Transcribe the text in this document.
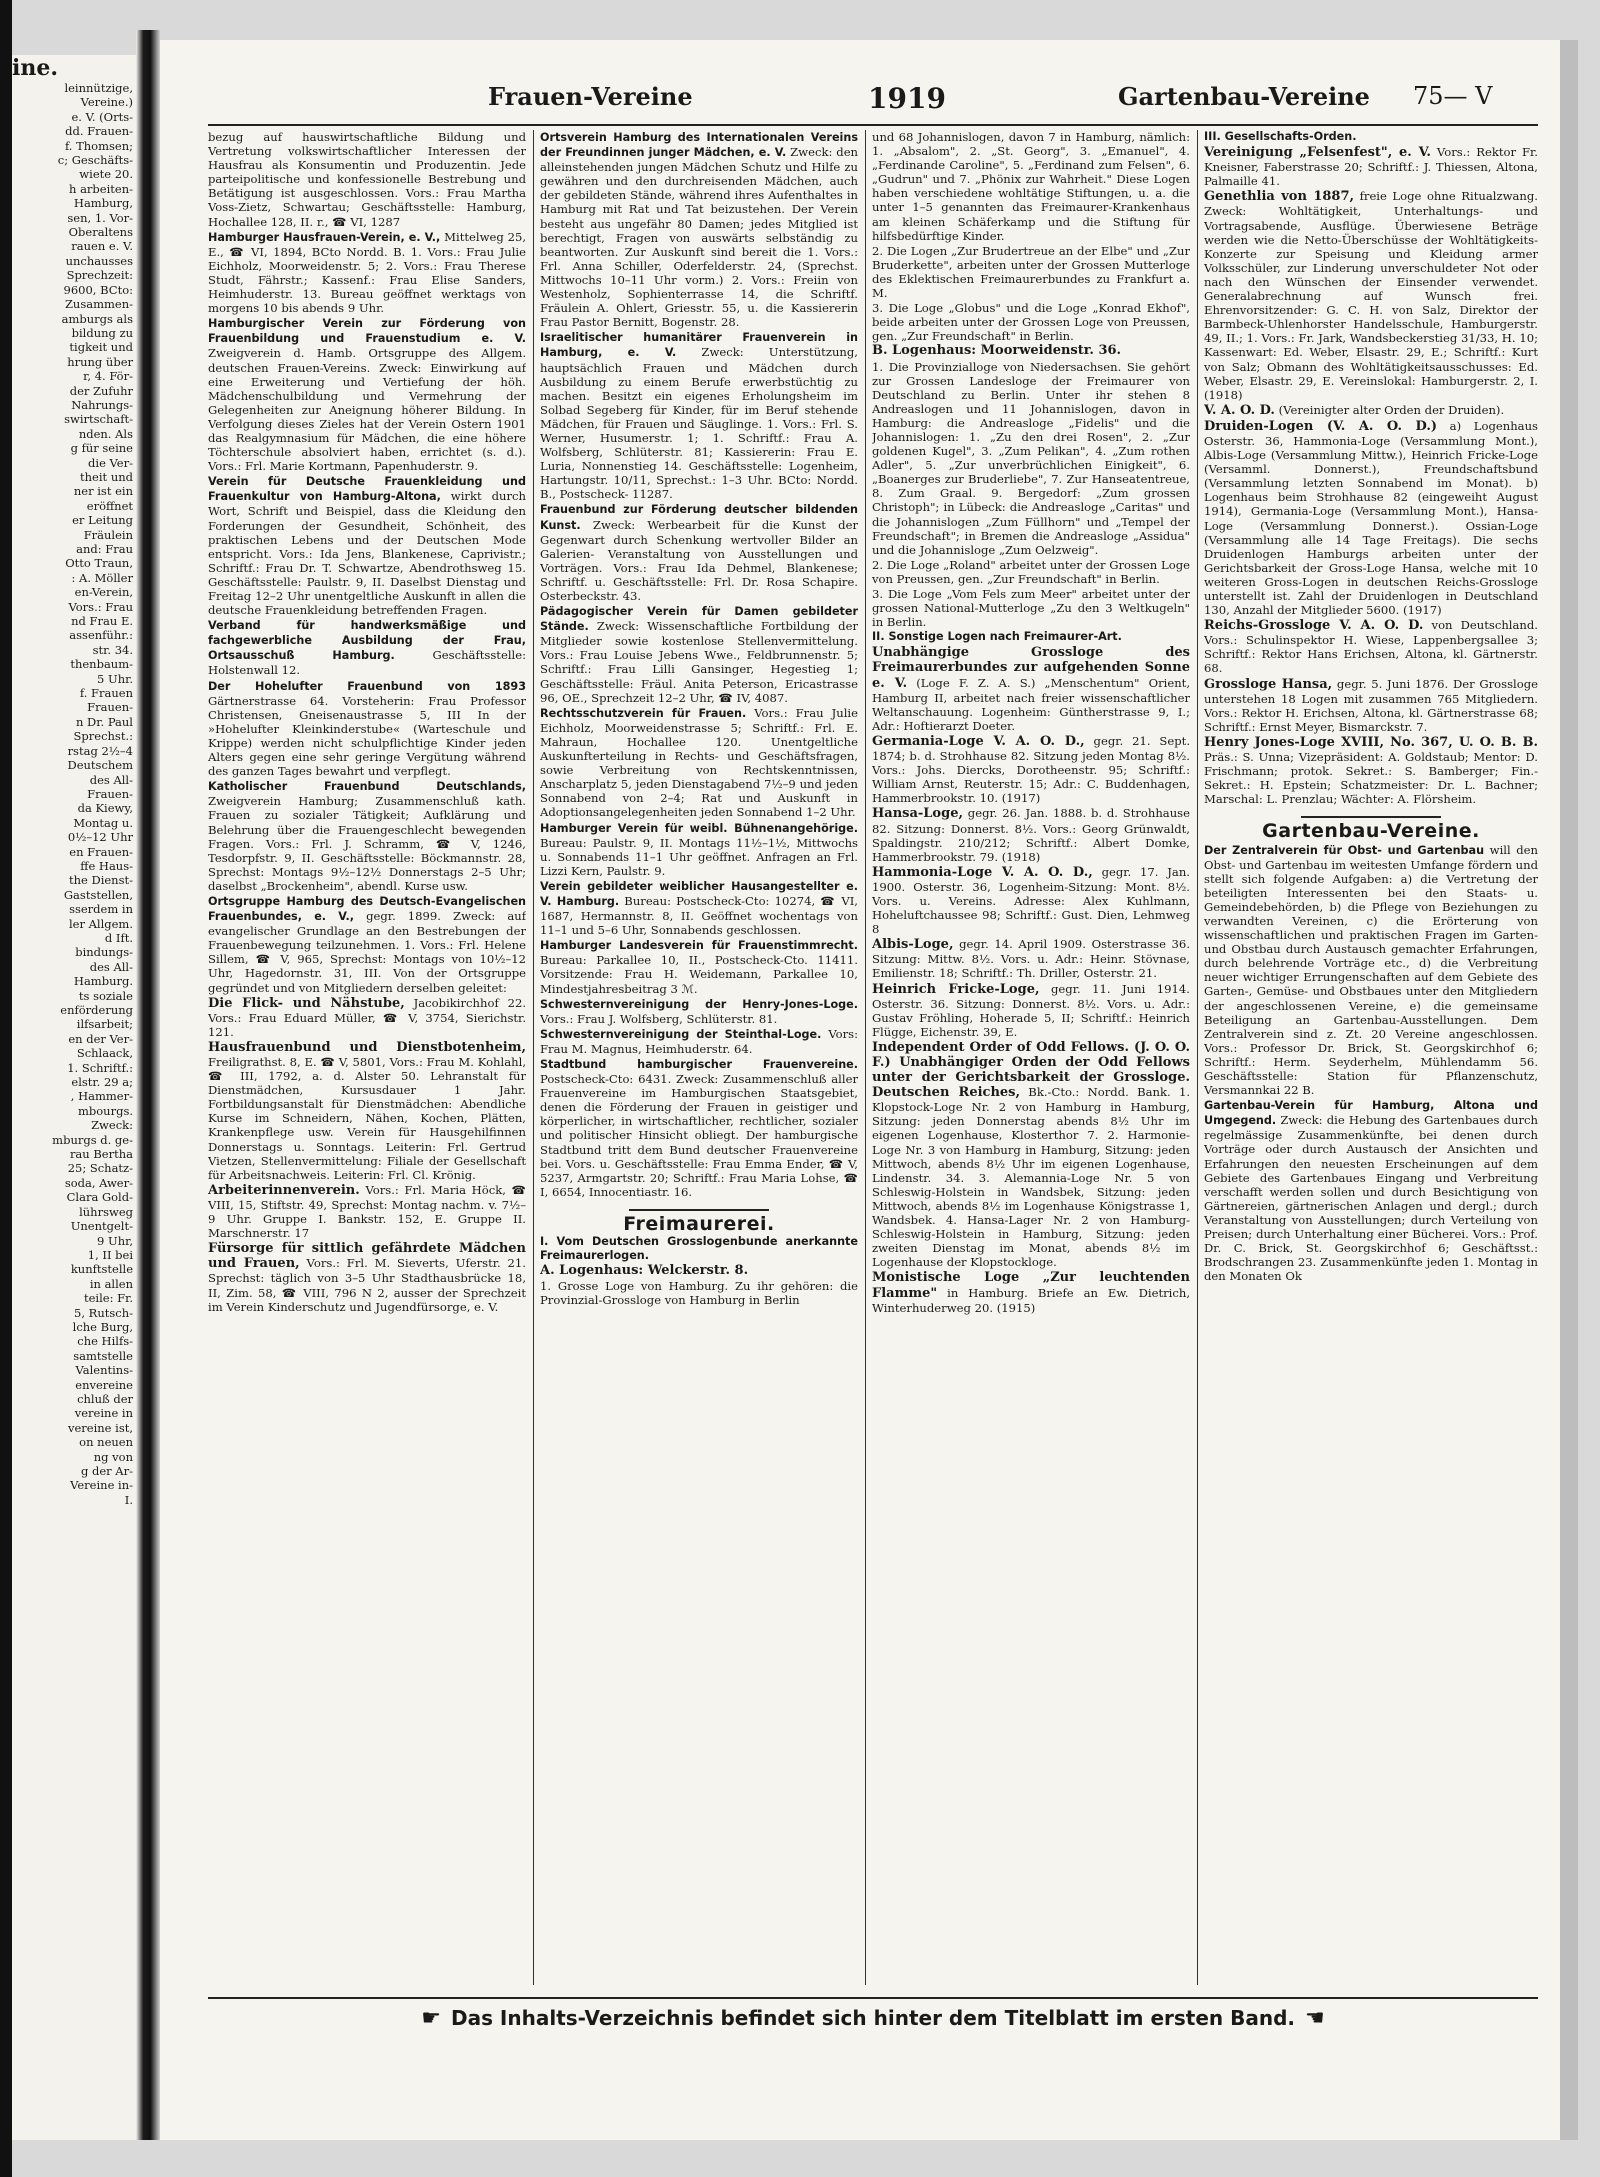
ine.
leinnützige,
Vereine.)
e. V. (Orts-
dd. Frauen-
f. Thomsen;
c; Geschäfts-
wiete 20.
h arbeiten-
Hamburg,
sen, 1. Vor-
Oberaltens
rauen e. V.
unchausses
Sprechzeit:
9600, BCto:
Zusammen-
amburgs als
bildung zu
tigkeit und
hrung über
r, 4. För-
der Zufuhr
Nahrungs-
swirtschaft-
nden. Als
g für seine
die Ver-
theit und
ner ist ein
eröffnet
er Leitung
Fräulein
and: Frau
Otto Traun,
: A. Möller
en-Verein,
Vors.: Frau
nd Frau E.
assenführ.:
str. 34.
thenbaum-
5 Uhr.
f. Frauen
Frauen-
n Dr. Paul
Sprechst.:
rstag 2½–4
Deutschem
des All-
Frauen-
da Kiewy,
Montag u.
0½–12 Uhr
en Frauen-
ffe Haus-
the Dienst-
Gaststellen,
sserdem in
ler Allgem.
d Ift.
bindungs-
des All-
Hamburg.
ts soziale
enförderung
ilfsarbeit;
en der Ver-
Schlaack,
1. Schriftf.:
elstr. 29 a;
, Hammer-
mbourgs.
Zweck:
mburgs d. ge-
rau Bertha
25; Schatz-
soda, Awer-
Clara Gold-
lührsweg
Unentgelt-
9 Uhr,
1, II bei
kunftstelle
in allen
teile: Fr.
5, Rutsch-
lche Burg,
che Hilfs-
samtstelle
Valentins-
envereine
chluß der
vereine in
vereine ist,
on neuen
ng von
g der Ar-
Vereine in-
I.
Frauen-Vereine	1919	Gartenbau-Vereine 75— V
bezug auf hauswirtschaftliche Bildung und Vertretung volkswirtschaftlicher Interessen der Hausfrau als Konsumentin und Produzentin. Jede parteipolitische und konfessionelle Bestrebung und Betätigung ist ausgeschlossen. Vors.: Frau Martha Voss-Zietz, Schwartau; Geschäftsstelle: Hamburg, Hochallee 128, II. r., ☎ VI, 1287
Hamburger Hausfrauen-Verein, e. V., Mittelweg 25, E., ☎ VI, 1894, BCto Nordd. B. 1. Vors.: Frau Julie Eichholz, Moorweidenstr. 5; 2. Vors.: Frau Therese Studt, Fährstr.; Kassenf.: Frau Elise Sanders, Heimhuderstr. 13. Bureau geöffnet werktags von morgens 10 bis abends 9 Uhr.
Hamburgischer Verein zur Förderung von Frauenbildung und Frauenstudium e. V. Zweigverein d. Hamb. Ortsgruppe des Allgem. deutschen Frauen-Vereins. Zweck: Einwirkung auf eine Erweiterung und Vertiefung der höh. Mädchenschulbildung und Vermehrung der Gelegenheiten zur Aneignung höherer Bildung. In Verfolgung dieses Zieles hat der Verein Ostern 1901 das Realgymnasium für Mädchen, die eine höhere Töchterschule absolviert haben, errichtet (s. d.). Vors.: Frl. Marie Kortmann, Papenhuderstr. 9.
Verein für Deutsche Frauenkleidung und Frauenkultur von Hamburg-Altona, wirkt durch Wort, Schrift und Beispiel, dass die Kleidung den Forderungen der Gesundheit, Schönheit, des praktischen Lebens und der Deutschen Mode entspricht. Vors.: Ida Jens, Blankenese, Caprivistr.; Schriftf.: Frau Dr. T. Schwartze, Abendrothsweg 15. Geschäftsstelle: Paulstr. 9, II. Daselbst Dienstag und Freitag 12–2 Uhr unentgeltliche Auskunft in allen die deutsche Frauenkleidung betreffenden Fragen.
Verband für handwerksmäßige und fachgewerbliche Ausbildung der Frau, Ortsausschuß Hamburg.	Geschäftsstelle: Holstenwall 12.
Der Hohelufter Frauenbund von 1893 Gärtnerstrasse 64. Vorsteherin: Frau Professor Christensen, Gneisenaustrasse 5, III In der »Hohelufter Kleinkinderstube« (Warteschule und Krippe) werden nicht schulpflichtige Kinder jeden Alters gegen eine sehr geringe Vergütung während des ganzen Tages bewahrt und verpflegt.
Katholischer Frauenbund Deutschlands, Zweigverein Hamburg; Zusammenschluß kath. Frauen zu sozialer Tätigkeit; Aufklärung und Belehrung über die Frauengeschlecht bewegenden Fragen. Vors.: Frl. J. Schramm, ☎ V, 1246, Tesdorpfstr. 9, II. Geschäftsstelle: Böckmannstr. 28, Sprechst: Montags 9½–12½ Donnerstags 2–5 Uhr; daselbst „Brockenheim", abendl. Kurse usw.
Ortsgruppe Hamburg des Deutsch-Evangelischen Frauenbundes, e. V., gegr. 1899. Zweck: auf evangelischer Grundlage an den Bestrebungen der Frauenbewegung teilzunehmen. 1. Vors.: Frl. Helene Sillem, ☎ V, 965, Sprechst: Montags von 10½–12 Uhr, Hagedornstr. 31, III. Von der Ortsgruppe gegründet und von Mitgliedern derselben geleitet:
Die Flick- und Nähstube, Jacobikirchhof 22. Vors.: Frau Eduard Müller, ☎ V, 3754, Sierichstr. 121.
Hausfrauenbund und Dienstbotenheim, Freiligrathst. 8, E. ☎ V, 5801, Vors.: Frau M. Kohlahl, ☎ III, 1792, a. d. Alster 50. Lehranstalt für Dienstmädchen, Kursusdauer 1 Jahr. Fortbildungsanstalt für Dienstmädchen: Abendliche Kurse im Schneidern, Nähen, Kochen, Plätten, Krankenpflege usw. Verein für Hausgehilfinnen Donnerstags u. Sonntags. Leiterin: Frl. Gertrud Vietzen, Stellenvermittelung: Filiale der Gesellschaft für Arbeitsnachweis. Leiterin: Frl. Cl. Krönig.
Arbeiterinnenverein. Vors.: Frl. Maria Höck, ☎ VIII, 15, Stiftstr. 49, Sprechst: Montag nachm. v. 7½–9 Uhr. Gruppe I. Bankstr. 152, E. Gruppe II. Marschnerstr. 17
Fürsorge für sittlich gefährdete Mädchen und Frauen, Vors.: Frl. M. Sieverts, Uferstr. 21. Sprechst: täglich von 3–5 Uhr Stadthausbrücke 18, II, Zim. 58, ☎ VIII, 796 N 2, ausser der Sprechzeit im Verein Kinderschutz und Jugendfürsorge, e. V.
Ortsverein Hamburg des Internationalen Vereins der Freundinnen junger Mädchen, e. V. Zweck: den alleinstehenden jungen Mädchen Schutz und Hilfe zu gewähren und den durchreisenden Mädchen, auch der gebildeten Stände, während ihres Aufenthaltes in Hamburg mit Rat und Tat beizustehen. Der Verein besteht aus ungefähr 80 Damen; jedes Mitglied ist berechtigt, Fragen von auswärts selbständig zu beantworten. Zur Auskunft sind bereit die 1. Vors.: Frl. Anna Schiller, Oderfelderstr. 24, (Sprechst. Mittwochs 10–11 Uhr vorm.) 2. Vors.: Freiin von Westenholz, Sophienterrasse 14, die Schriftf. Fräulein A. Ohlert, Griesstr. 55, u. die Kassiererin Frau Pastor Bernitt, Bogenstr. 28.
Israelitischer humanitärer Frauenverein in Hamburg, e. V. Zweck: Unterstützung, hauptsächlich Frauen und Mädchen durch Ausbildung zu einem Berufe erwerbstüchtig zu machen. Besitzt ein eigenes Erholungsheim im Solbad Segeberg für Kinder, für im Beruf stehende Mädchen, für Frauen und Säuglinge. 1. Vors.: Frl. S. Werner, Husumerstr. 1; 1. Schriftf.: Frau A. Wolfsberg, Schlüterstr. 81; Kassiererin: Frau E. Luria, Nonnenstieg 14. Geschäftsstelle: Logenheim, Hartungstr. 10/11, Sprechst.: 1–3 Uhr. BCto: Nordd. B., Postscheck- 11287.
Frauenbund zur Förderung deutscher bildenden Kunst. Zweck: Werbearbeit für die Kunst der Gegenwart durch Schenkung wertvoller Bilder an Galerien- Veranstaltung von Ausstellungen und Vorträgen. Vors.: Frau Ida Dehmel, Blankenese; Schriftf. u. Geschäftsstelle: Frl. Dr. Rosa Schapire. Osterbeckstr. 43.
Pädagogischer Verein für Damen gebildeter Stände. Zweck: Wissenschaftliche Fortbildung der Mitglieder sowie kostenlose Stellenvermittelung. Vors.: Frau Louise Jebens Wwe., Feldbrunnenstr. 5; Schriftf.: Frau Lilli Gansinger, Hegestieg 1; Geschäftsstelle: Fräul. Anita Peterson, Ericastrasse 96, OE., Sprechzeit 12–2 Uhr, ☎ IV, 4087.
Rechtsschutzverein für Frauen. Vors.: Frau Julie Eichholz, Moorweidenstrasse 5; Schriftf.: Frl. E. Mahraun, Hochallee 120. Unentgeltliche Auskunfterteilung in Rechts- und Geschäftsfragen, sowie Verbreitung von Rechtskenntnissen, Anscharplatz 5, jeden Dienstagabend 7½–9 und jeden Sonnabend von 2–4; Rat und Auskunft in Adoptionsangelegenheiten jeden Sonnabend 1–2 Uhr.
Hamburger Verein für weibl. Bühnenangehörige. Bureau: Paulstr. 9, II. Montags 11½–1½, Mittwochs u. Sonnabends 11–1 Uhr geöffnet. Anfragen an Frl. Lizzi Kern, Paulstr. 9.
Verein gebildeter weiblicher Hausangestellter e. V. Hamburg. Bureau: Postscheck-Cto: 10274, ☎ VI, 1687, Hermannstr. 8, II. Geöffnet wochentags von 11–1 und 5–6 Uhr, Sonnabends geschlossen.
Hamburger Landesverein für Frauenstimmrecht. Bureau: Parkallee 10, II., Postscheck-Cto. 11411. Vorsitzende: Frau H. Weidemann, Parkallee 10, Mindestjahresbeitrag 3 ℳ.
Schwesternvereinigung der Henry-Jones-Loge. Vors.: Frau J. Wolfsberg, Schlüterstr. 81.
Schwesternvereinigung der Steinthal-Loge. Vors: Frau M. Magnus, Heimhuderstr. 64.
Stadtbund hamburgischer Frauenvereine. Postscheck-Cto: 6431. Zweck: Zusammenschluß aller Frauenvereine im Hamburgischen Staatsgebiet, denen die Förderung der Frauen in geistiger und körperlicher, in wirtschaftlicher, rechtlicher, sozialer und politischer Hinsicht obliegt. Der hamburgische Stadtbund tritt dem Bund deutscher Frauenvereine bei. Vors. u. Geschäftsstelle: Frau Emma Ender, ☎ V, 5237, Armgartstr. 20; Schriftf.: Frau Maria Lohse, ☎ I, 6654, Innocentiastr. 16.
Freimaurerei.
I. Vom Deutschen Grosslogenbunde anerkannte Freimaurerlogen.
A. Logenhaus: Welckerstr. 8.
1. Grosse Loge von Hamburg. Zu ihr gehören: die Provinzial-Grossloge von Hamburg in Berlin
und 68 Johannislogen, davon 7 in Hamburg, nämlich: 1. „Absalom", 2. „St. Georg", 3. „Emanuel", 4. „Ferdinande Caroline", 5. „Ferdinand zum Felsen", 6. „Gudrun" und 7. „Phönix zur Wahrheit." Diese Logen haben verschiedene wohltätige Stiftungen, u. a. die unter 1–5 genannten das Freimaurer-Krankenhaus am kleinen Schäferkamp und die Stiftung für hilfsbedürftige Kinder.
2. Die Logen „Zur Brudertreue an der Elbe" und „Zur Bruderkette", arbeiten unter der Grossen Mutterloge des Eklektischen Freimaurerbundes zu Frankfurt a. M.
3. Die Loge „Globus" und die Loge „Konrad Ekhof", beide arbeiten unter der Grossen Loge von Preussen, gen. „Zur Freundschaft" in Berlin.
B. Logenhaus: Moorweidenstr. 36.
1. Die Provinzialloge von Niedersachsen. Sie gehört zur Grossen Landesloge der Freimaurer von Deutschland zu Berlin. Unter ihr stehen 8 Andreaslogen und 11 Johannislogen, davon in Hamburg: die Andreasloge „Fidelis" und die Johannislogen: 1. „Zu den drei Rosen", 2. „Zur goldenen Kugel", 3. „Zum Pelikan", 4. „Zum rothen Adler", 5. „Zur unverbrüchlichen Einigkeit", 6. „Boanerges zur Bruderliebe", 7. Zur Hanseatentreue, 8. Zum Graal. 9. Bergedorf: „Zum grossen Christoph"; in Lübeck: die Andreasloge „Caritas" und die Johannislogen „Zum Füllhorn" und „Tempel der Freundschaft"; in Bremen die Andreasloge „Assidua" und die Johannisloge „Zum Oelzweig".
2. Die Loge „Roland" arbeitet unter der Grossen Loge von Preussen, gen. „Zur Freundschaft" in Berlin.
3. Die Loge „Vom Fels zum Meer" arbeitet unter der grossen National-Mutterloge „Zu den 3 Weltkugeln" in Berlin.
II. Sonstige Logen nach Freimaurer-Art.
Unabhängige Grossloge des Freimaurerbundes zur aufgehenden Sonne e. V. (Loge F. Z. A. S.) „Menschentum" Orient, Hamburg II, arbeitet nach freier wissenschaftlicher Weltanschauung. Logenheim: Güntherstrasse 9, I.; Adr.: Hoftierarzt Doeter.
Germania-Loge V. A. O. D., gegr. 21. Sept. 1874; b. d. Strohhause 82. Sitzung jeden Montag 8½. Vors.: Johs. Diercks, Dorotheenstr. 95; Schriftf.: William Arnst, Reuterstr. 15; Adr.: C. Buddenhagen, Hammerbrookstr. 10. (1917)
Hansa-Loge, gegr. 26. Jan. 1888. b. d. Strohhause 82. Sitzung: Donnerst. 8½. Vors.: Georg Grünwaldt, Spaldingstr. 210/212; Schriftf.: Albert Domke, Hammerbrookstr. 79. (1918)
Hammonia-Loge V. A. O. D., gegr. 17. Jan. 1900. Osterstr. 36, Logenheim-Sitzung: Mont. 8½. Vors. u. Vereins. Adresse: Alex Kuhlmann, Hoheluftchaussee 98; Schriftf.: Gust. Dien, Lehmweg 8
Albis-Loge, gegr. 14. April 1909. Osterstrasse 36. Sitzung: Mittw. 8½. Vors. u. Adr.: Heinr. Stövnase, Emilienstr. 18; Schriftf.: Th. Driller, Osterstr. 21.
Heinrich Fricke-Loge, gegr. 11. Juni 1914. Osterstr. 36. Sitzung: Donnerst. 8½. Vors. u. Adr.: Gustav Fröhling, Hoherade 5, II; Schriftf.: Heinrich Flügge, Eichenstr. 39, E.
Independent Order of Odd Fellows. (J. O. O. F.) Unabhängiger Orden der Odd Fellows unter der Gerichtsbarkeit der Grossloge. Deutschen Reiches, Bk.-Cto.: Nordd. Bank. 1. Klopstock-Loge Nr. 2 von Hamburg in Hamburg, Sitzung: jeden Donnerstag abends 8½ Uhr im eigenen Logenhause, Klosterthor 7. 2. Harmonie-Loge Nr. 3 von Hamburg in Hamburg, Sitzung: jeden Mittwoch, abends 8½ Uhr im eigenen Logenhause, Lindenstr. 34. 3. Alemannia-Loge Nr. 5 von Schleswig-Holstein in Wandsbek, Sitzung: jeden Mittwoch, abends 8½ im Logenhause Königstrasse 1, Wandsbek. 4. Hansa-Lager Nr. 2 von Hamburg-Schleswig-Holstein in Hamburg, Sitzung: jeden zweiten Dienstag im Monat, abends 8½ im Logenhause der Klopstockloge.
Monistische Loge „Zur leuchtenden Flamme" in Hamburg. Briefe an Ew. Dietrich, Winterhuderweg 20. (1915)
III. Gesellschafts-Orden.
Vereinigung „Felsenfest", e. V. Vors.: Rektor Fr. Kneisner, Faberstrasse 20; Schriftf.: J. Thiessen, Altona, Palmaille 41.
Genethlia von 1887, freie Loge ohne Ritualzwang. Zweck: Wohltätigkeit, Unterhaltungs- und Vortragsabende, Ausflüge. Überwiesene Beträge werden wie die Netto-Überschüsse der Wohltätigkeits-Konzerte zur Speisung und Kleidung armer Volksschüler, zur Linderung unverschuldeter Not oder nach den Wünschen der Einsender verwendet. Generalabrechnung auf Wunsch frei. Ehrenvorsitzender: G. C. H. von Salz, Direktor der Barmbeck-Uhlenhorster Handelsschule, Hamburgerstr. 49, II.; 1. Vors.: Fr. Jark, Wandsbeckerstieg 31/33, H. 10; Kassenwart: Ed. Weber, Elsastr. 29, E.; Schriftf.: Kurt von Salz; Obmann des Wohltätigkeitsausschusses: Ed. Weber, Elsastr. 29, E. Vereinslokal: Hamburgerstr. 2, I. (1918)
V. A. O. D. (Vereinigter alter Orden der Druiden).
Druiden-Logen (V. A. O. D.) a) Logenhaus Osterstr. 36, Hammonia-Loge (Versammlung Mont.), Albis-Loge (Versammlung Mittw.), Heinrich Fricke-Loge (Versamml. Donnerst.), Freundschaftsbund (Versammlung letzten Sonnabend im Monat). b) Logenhaus beim Strohhause 82 (eingeweiht August 1914), Germania-Loge (Versammlung Mont.), Hansa-Loge (Versammlung Donnerst.). Ossian-Loge (Versammlung alle 14 Tage Freitags). Die sechs Druidenlogen Hamburgs arbeiten unter der Gerichtsbarkeit der Gross-Loge Hansa, welche mit 10 weiteren Gross-Logen in deutschen Reichs-Grossloge unterstellt ist. Zahl der Druidenlogen in Deutschland 130, Anzahl der Mitglieder 5600. (1917)
Reichs-Grossloge V. A. O. D. von Deutschland. Vors.: Schulinspektor H. Wiese, Lappenbergsallee 3; Schriftf.: Rektor Hans Erichsen, Altona, kl. Gärtnerstr. 68.
Grossloge Hansa, gegr. 5. Juni 1876. Der Grossloge unterstehen 18 Logen mit zusammen 765 Mitgliedern. Vors.: Rektor H. Erichsen, Altona, kl. Gärtnerstrasse 68; Schriftf.: Ernst Meyer, Bismarckstr. 7.
Henry Jones-Loge XVIII, No. 367, U. O. B. B. Präs.: S. Unna; Vizepräsident: A. Goldstaub; Mentor: D. Frischmann; protok. Sekret.: S. Bamberger; Fin.-Sekret.: H. Epstein; Schatzmeister: Dr. L. Bachner; Marschal: L. Prenzlau; Wächter: A. Flörsheim.
Gartenbau-Vereine.
Der Zentralverein für Obst- und Gartenbau will den Obst- und Gartenbau im weitesten Umfange fördern und stellt sich folgende Aufgaben: a) die Vertretung der beteiligten Interessenten bei den Staats- u. Gemeindebehörden, b) die Pflege von Beziehungen zu verwandten Vereinen, c) die Erörterung von wissenschaftlichen und praktischen Fragen im Garten- und Obstbau durch Austausch gemachter Erfahrungen, durch belehrende Vorträge etc., d) die Verbreitung neuer wichtiger Errungenschaften auf dem Gebiete des Garten-, Gemüse- und Obstbaues unter den Mitgliedern der angeschlossenen Vereine, e) die gemeinsame Beteiligung an Gartenbau-Ausstellungen. Dem Zentralverein sind z. Zt. 20 Vereine angeschlossen. Vors.: Professor Dr. Brick, St. Georgskirchhof 6; Schriftf.: Herm. Seyderhelm, Mühlendamm 56. Geschäftsstelle: Station für Pflanzenschutz, Versmannkai 22 B.
Gartenbau-Verein für Hamburg, Altona und Umgegend. Zweck: die Hebung des Gartenbaues durch regelmässige Zusammenkünfte, bei denen durch Vorträge oder durch Austausch der Ansichten und Erfahrungen den neuesten Erscheinungen auf dem Gebiete des Gartenbaues Eingang und Verbreitung verschafft werden sollen und durch Besichtigung von Gärtnereien, gärtnerischen Anlagen und dergl.; durch Veranstaltung von Ausstellungen; durch Verteilung von Preisen; durch Unterhaltung einer Bücherei. Vors.: Prof. Dr. C. Brick, St. Georgskirchhof 6; Geschäftsst.: Brodschrangen 23. Zusammenkünfte jeden 1. Montag in den Monaten Ok
☛ Das Inhalts-Verzeichnis befindet sich hinter dem Titelblatt im ersten Band. ☚
